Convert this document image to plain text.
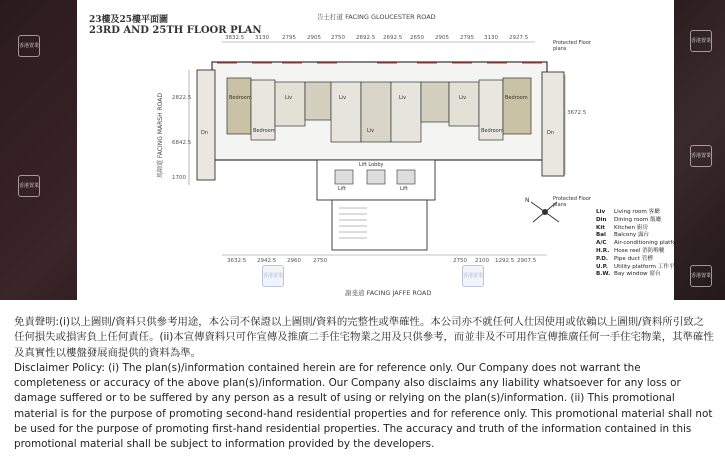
香港置業
香港置業
香港置業
香港置業
香港置業
23樓及25樓平面圖
23RD AND 25TH FLOOR PLAN
告士打道 FACING GLOUCESTER ROAD
謝斐道 FACING JAFFE ROAD
馬師道 FACING MARSH ROAD
N
3832.5 3130 2795 2905 2750 2692.5 2692.5 2650 2905 2795 3130 2927.5
3632.5 2942.5 2960 2750	2750 2100 1292.5 2907.5
2822.5
6842.5
1700
3672.5
Bedroom	Liv	Liv	Liv	Liv	Bedroom
Bedroom	Bedroom
Dn	Dn
Liv
Lift	Lift
Lift Lobby
Protected Floor plans
Protected Floor plans
香港置業	香港置業
Liv Living room 客廳
Din Dining room 飯廳
Kit Kitchen 廚房
Bal Balcony 露台
A/C Air-conditioning platform 冷氣機平台
H.R. Hose reel 消防喉轆
P.D. Pipe duct 管槽
U.P. Utility platform 工作平台
B.W. Bay window 窗台

免責聲明:(i)以上圖則/資料只供參考用途，本公司不保證以上圖則/資料的完整性或準確性。本公司亦不就任何人仕因使用或依賴以上圖則/資料所引致之任何損失或損害負上任何責任。(ii)本宣傳資料只可作宣傳及推廣二手住宅物業之用及只供參考，而並非及不可用作宣傳推廣任何一手住宅物業，其準確性及真實性以樓盤發展商提供的資料為準。

Disclaimer Policy: (i) The plan(s)/information contained herein are for reference only. Our Company does not warrant the completeness or accuracy of the above plan(s)/information. Our Company also disclaims any liability whatsoever for any loss or damage suffered or to be suffered by any person as a result of using or relying on the plan(s)/information. (ii) This promotional material is for the purpose of promoting second-hand residential properties and for reference only. This promotional material shall not be used for the purpose of promoting first-hand residential properties. The accuracy and truth of the information contained in this promotional material shall be subject to information provided by the developers.
